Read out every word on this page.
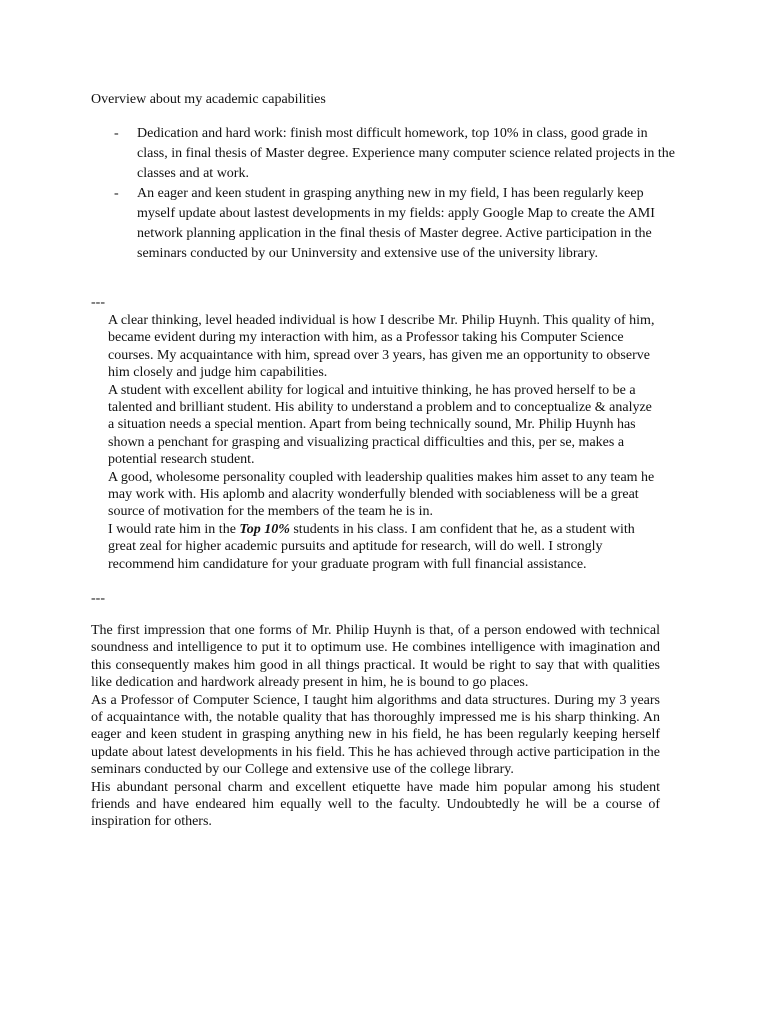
Overview about my academic capabilities
- Dedication and hard work: finish most difficult homework, top 10% in class, good grade in class, in final thesis of Master degree. Experience many computer science related projects in the classes and at work.
- An eager and keen student in grasping anything new in my field, I has been regularly keep myself update about lastest developments in my fields: apply Google Map to create the AMI network planning application in the final thesis of Master degree. Active participation in the seminars conducted by our Uninversity and extensive use of the university library.
---

A clear thinking, level headed individual is how I describe Mr. Philip Huynh. This quality of him, became evident during my interaction with him, as a Professor taking his Computer Science courses. My acquaintance with him, spread over 3 years, has given me an opportunity to observe him closely and judge him capabilities.

A student with excellent ability for logical and intuitive thinking, he has proved herself to be a talented and brilliant student. His ability to understand a problem and to conceptualize & analyze a situation needs a special mention. Apart from being technically sound, Mr. Philip Huynh has shown a penchant for grasping and visualizing practical difficulties and this, per se, makes a potential research student.

A good, wholesome personality coupled with leadership qualities makes him asset to any team he may work with. His aplomb and alacrity wonderfully blended with sociableness will be a great source of motivation for the members of the team he is in.

I would rate him in the Top 10% students in his class. I am confident that he, as a student with great zeal for higher academic pursuits and aptitude for research, will do well. I strongly recommend him candidature for your graduate program with full financial assistance.

---

The first impression that one forms of Mr. Philip Huynh is that, of a person endowed with technical soundness and intelligence to put it to optimum use. He combines intelligence with imagination and this consequently makes him good in all things practical. It would be right to say that with qualities like dedication and hardwork already present in him, he is bound to go places.

As a Professor of Computer Science, I taught him algorithms and data structures. During my 3 years of acquaintance with, the notable quality that has thoroughly impressed me is his sharp thinking. An eager and keen student in grasping anything new in his field, he has been regularly keeping herself update about latest developments in his field. This he has achieved through active participation in the seminars conducted by our College and extensive use of the college library.

His abundant personal charm and excellent etiquette have made him popular among his student friends and have endeared him equally well to the faculty. Undoubtedly he will be a course of inspiration for others.
